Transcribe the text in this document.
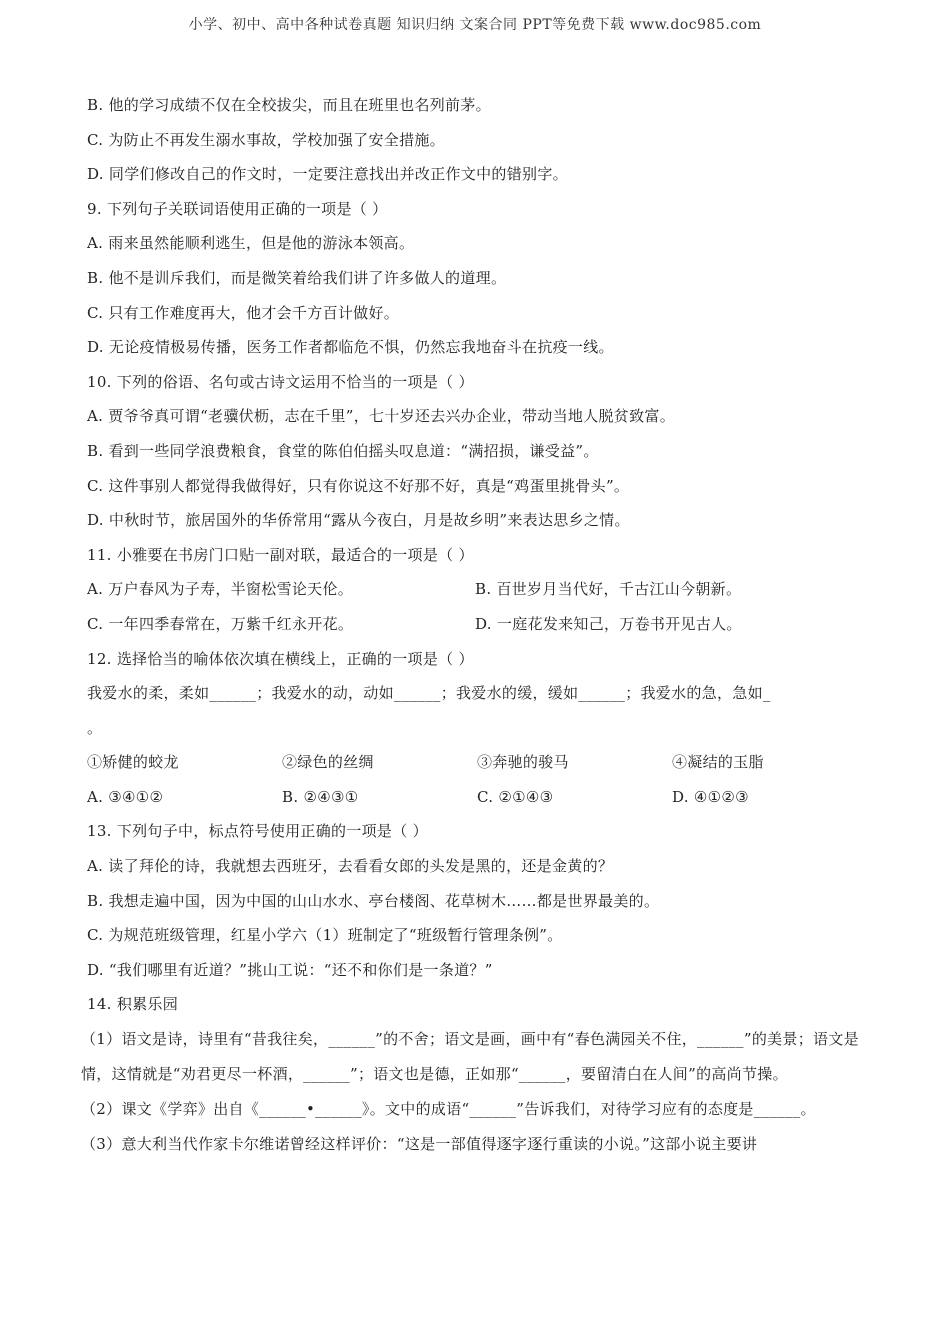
小学、初中、高中各种试卷真题 知识归纳 文案合同 PPT等免费下载 www.doc985.com
B. 他的学习成绩不仅在全校拔尖，而且在班里也名列前茅。
C. 为防止不再发生溺水事故，学校加强了安全措施。
D. 同学们修改自己的作文时，一定要注意找出并改正作文中的错别字。
9. 下列句子关联词语使用正确的一项是（ ）
A. 雨来虽然能顺利逃生，但是他的游泳本领高。
B. 他不是训斥我们，而是微笑着给我们讲了许多做人的道理。
C. 只有工作难度再大，他才会千方百计做好。
D. 无论疫情极易传播，医务工作者都临危不惧，仍然忘我地奋斗在抗疫一线。
10. 下列的俗语、名句或古诗文运用不恰当的一项是（ ）
A. 贾爷爷真可谓“老骥伏枥，志在千里”，七十岁还去兴办企业，带动当地人脱贫致富。
B. 看到一些同学浪费粮食，食堂的陈伯伯摇头叹息道：“满招损，谦受益”。
C. 这件事别人都觉得我做得好，只有你说这不好那不好，真是“鸡蛋里挑骨头”。
D. 中秋时节，旅居国外的华侨常用“露从今夜白，月是故乡明”来表达思乡之情。
11. 小雅要在书房门口贴一副对联，最适合的一项是（ ）
A. 万户春风为子寿，半窗松雪论天伦。	B. 百世岁月当代好，千古江山今朝新。
C. 一年四季春常在，万紫千红永开花。	D. 一庭花发来知己，万卷书开见古人。
12. 选择恰当的喻体依次填在横线上，正确的一项是（ ）
我爱水的柔，柔如______；我爱水的动，动如______；我爱水的缓，缓如______；我爱水的急，急如_
。
①矫健的蛟龙	②绿色的丝绸	③奔驰的骏马	④凝结的玉脂
A. ③④①②	B. ②④③①	C. ②①④③	D. ④①②③
13. 下列句子中，标点符号使用正确的一项是（ ）
A. 读了拜伦的诗，我就想去西班牙，去看看女郎的头发是黑的，还是金黄的？
B. 我想走遍中国，因为中国的山山水水、亭台楼阁、花草树木……都是世界最美的。
C. 为规范班级管理，红星小学六（1）班制定了“班级暂行管理条例”。
D. “我们哪里有近道？”挑山工说：“还不和你们是一条道？”
14. 积累乐园
（1）语文是诗，诗里有“昔我往矣，______”的不舍；语文是画，画中有“春色满园关不住，______”的美景；语文是情，这情就是“劝君更尽一杯酒，______”；语文也是德，正如那“______，要留清白在人间”的高尚节操。
（2）课文《学弈》出自《______•______》。文中的成语“______”告诉我们，对待学习应有的态度是______。
（3）意大利当代作家卡尔维诺曾经这样评价：“这是一部值得逐字逐行重读的小说。”这部小说主要讲
